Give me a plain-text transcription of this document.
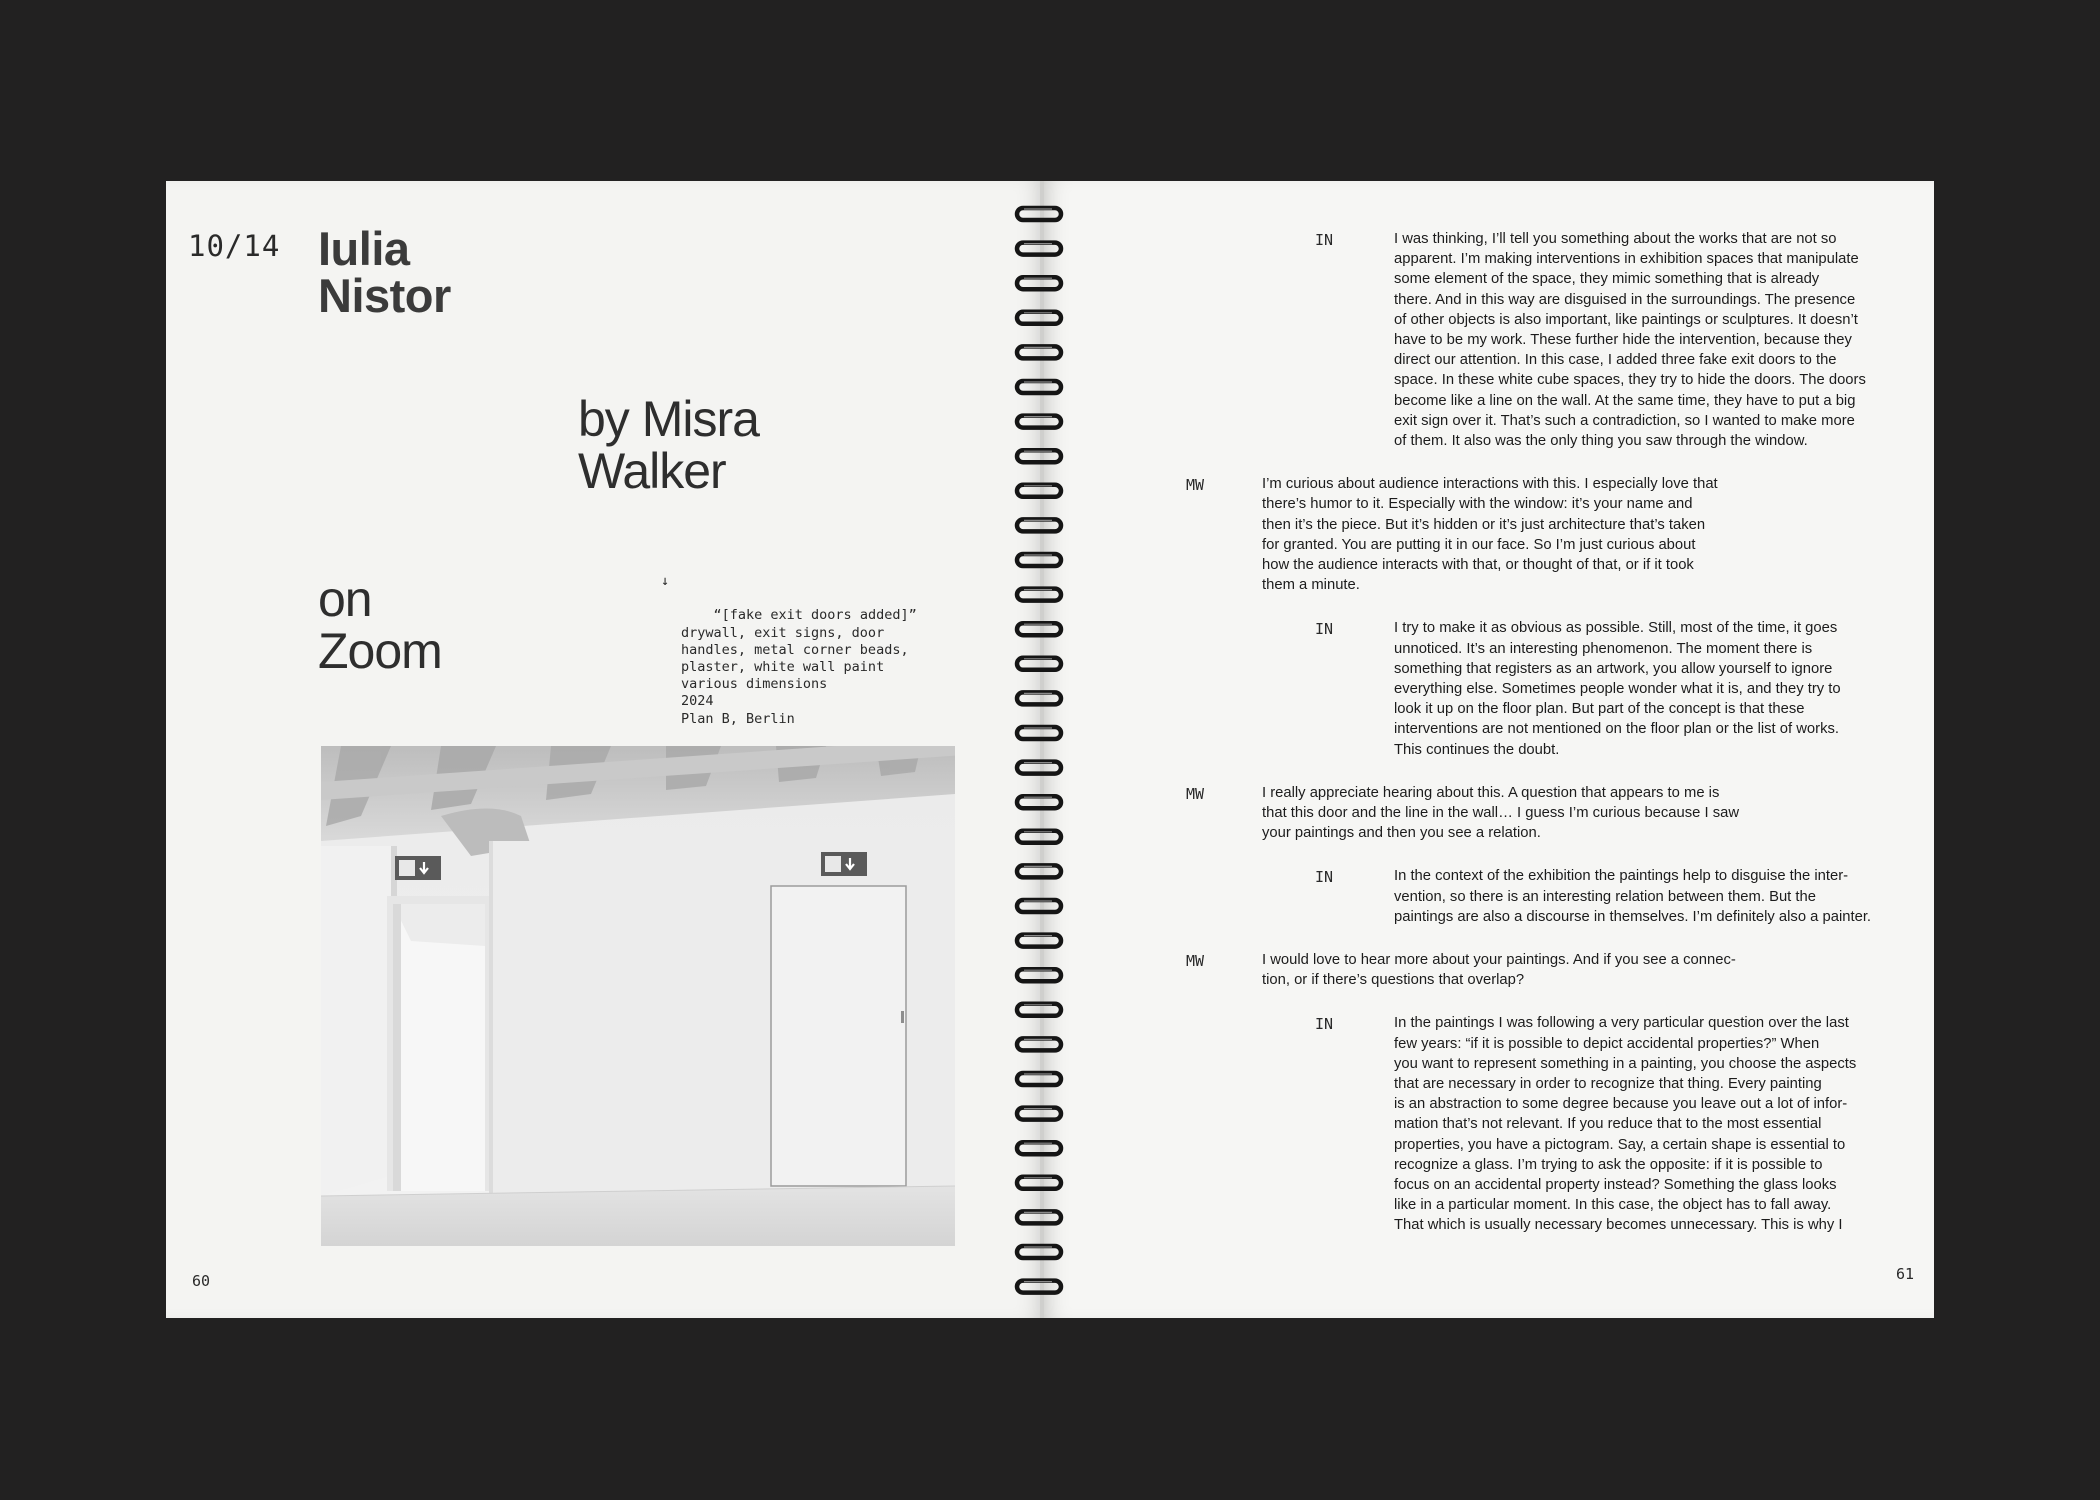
10/14 Iulia
Nistor
by Misra
Walker
on
Zoom

↓

“[fake exit doors added]”
drywall, exit signs, door
handles, metal corner beads,
plaster, white wall paint
various dimensions
2024
Plan B, Berlin

60
IN	I was thinking, I’ll tell you something about the works that are not so
apparent. I’m making interventions in exhibition spaces that manipulate
some element of the space, they mimic something that is already
there. And in this way are disguised in the surroundings. The presence
of other objects is also important, like paintings or sculptures. It doesn’t
have to be my work. These further hide the intervention, because they
direct our attention. In this case, I added three fake exit doors to the
space. In these white cube spaces, they try to hide the doors. The doors
become like a line on the wall. At the same time, they have to put a big
exit sign over it. That’s such a contradiction, so I wanted to make more
of them. It also was the only thing you saw through the window.
MW	I’m curious about audience interactions with this. I especially love that
there’s humor to it. Especially with the window: it’s your name and
then it’s the piece. But it’s hidden or it’s just architecture that’s taken
for granted. You are putting it in our face. So I’m just curious about
how the audience interacts with that, or thought of that, or if it took
them a minute.
IN	I try to make it as obvious as possible. Still, most of the time, it goes
unnoticed. It’s an interesting phenomenon. The moment there is
something that registers as an artwork, you allow yourself to ignore
everything else. Sometimes people wonder what it is, and they try to
look it up on the floor plan. But part of the concept is that these
interventions are not mentioned on the floor plan or the list of works.
This continues the doubt.
MW	I really appreciate hearing about this. A question that appears to me is
that this door and the line in the wall… I guess I’m curious because I saw
your paintings and then you see a relation.
IN	In the context of the exhibition the paintings help to disguise the inter-
vention, so there is an interesting relation between them. But the
paintings are also a discourse in themselves. I’m definitely also a painter.
MW	I would love to hear more about your paintings. And if you see a connec-
tion, or if there’s questions that overlap?
IN	In the paintings I was following a very particular question over the last
few years: “if it is possible to depict accidental properties?” When
you want to represent something in a painting, you choose the aspects
that are necessary in order to recognize that thing. Every painting
is an abstraction to some degree because you leave out a lot of infor-
mation that’s not relevant. If you reduce that to the most essential
properties, you have a pictogram. Say, a certain shape is essential to
recognize a glass. I’m trying to ask the opposite: if it is possible to
focus on an accidental property instead? Something the glass looks
like in a particular moment. In this case, the object has to fall away.
That which is usually necessary becomes unnecessary. This is why I
61
